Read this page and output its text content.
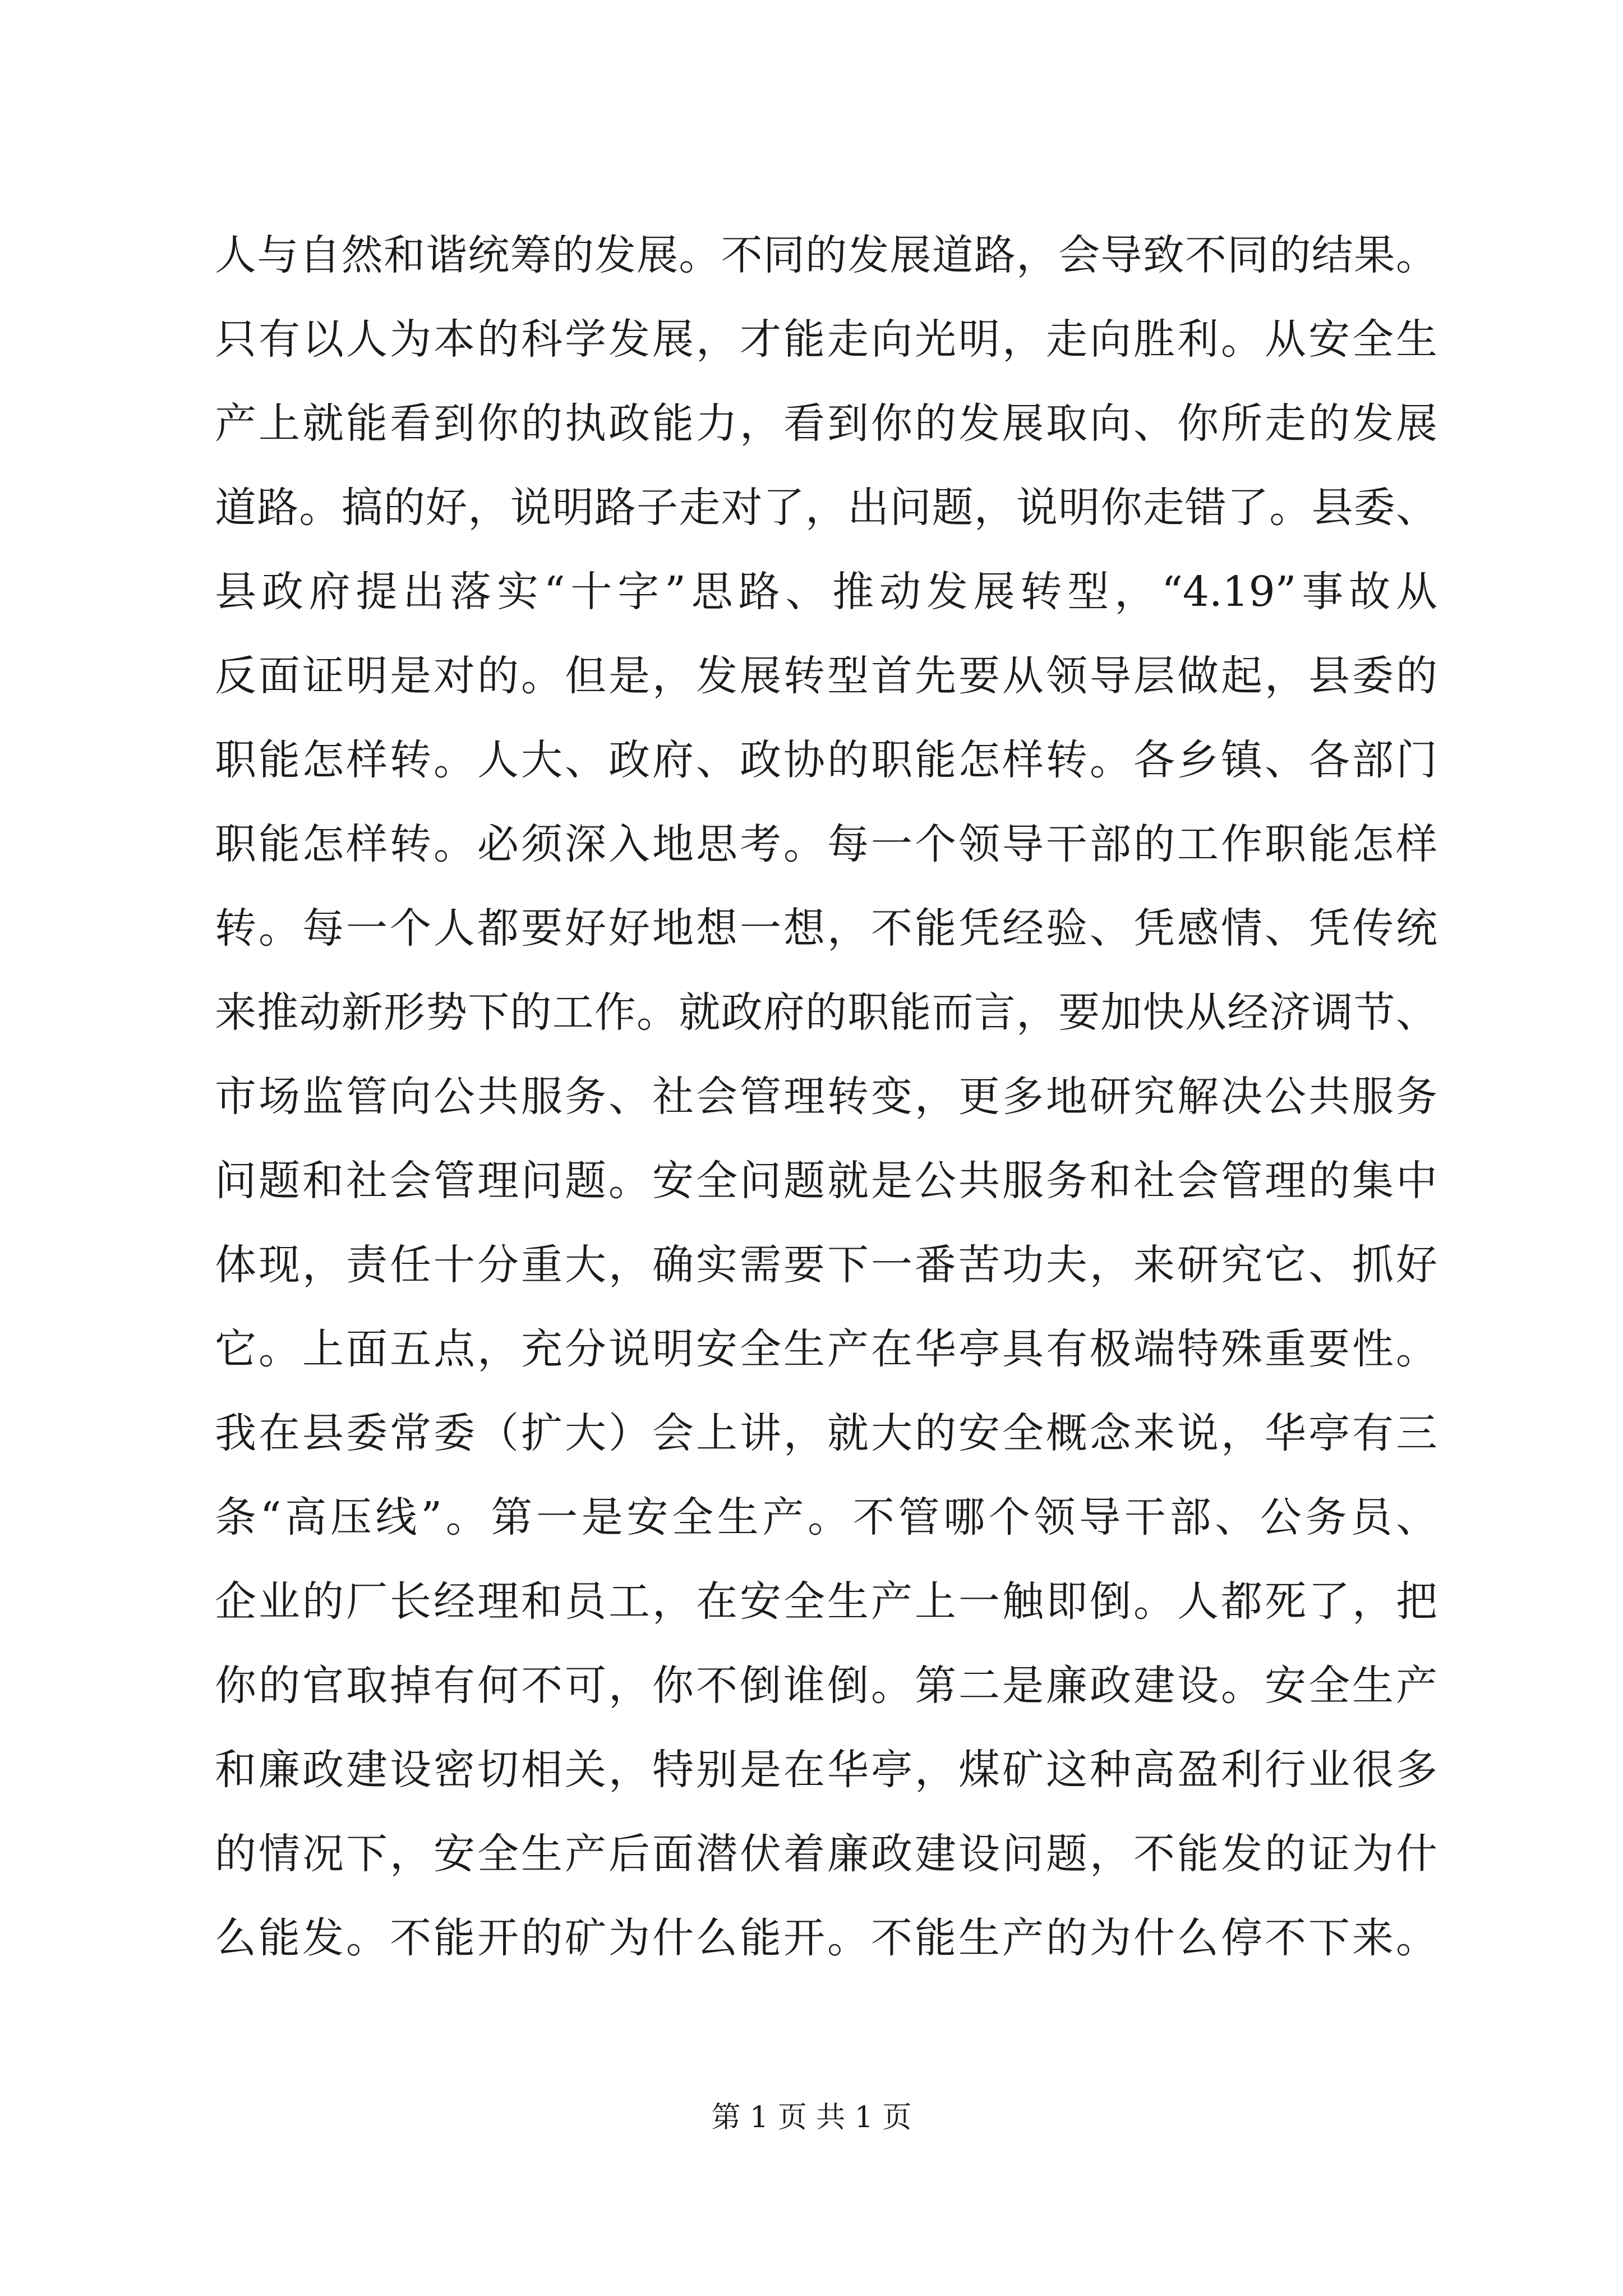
人与自然和谐统筹的发展。不同的发展道路，会导致不同的结果。
只有以人为本的科学发展，才能走向光明，走向胜利。从安全生
产上就能看到你的执政能力，看到你的发展取向、你所走的发展
道路。搞的好，说明路子走对了，出问题，说明你走错了。县委、
县政府提出落实“十字”思路、推动发展转型，“4.19”事故从
反面证明是对的。但是，发展转型首先要从领导层做起，县委的
职能怎样转。人大、政府、政协的职能怎样转。各乡镇、各部门
职能怎样转。必须深入地思考。每一个领导干部的工作职能怎样
转。每一个人都要好好地想一想，不能凭经验、凭感情、凭传统
来推动新形势下的工作。就政府的职能而言，要加快从经济调节、
市场监管向公共服务、社会管理转变，更多地研究解决公共服务
问题和社会管理问题。安全问题就是公共服务和社会管理的集中
体现，责任十分重大，确实需要下一番苦功夫，来研究它、抓好
它。上面五点，充分说明安全生产在华亭具有极端特殊重要性。
我在县委常委（扩大）会上讲，就大的安全概念来说，华亭有三
条“高压线”。第一是安全生产。不管哪个领导干部、公务员、
企业的厂长经理和员工，在安全生产上一触即倒。人都死了，把
你的官取掉有何不可，你不倒谁倒。第二是廉政建设。安全生产
和廉政建设密切相关，特别是在华亭，煤矿这种高盈利行业很多
的情况下，安全生产后面潜伏着廉政建设问题，不能发的证为什
么能发。不能开的矿为什么能开。不能生产的为什么停不下来。
第 1 页 共 1 页
